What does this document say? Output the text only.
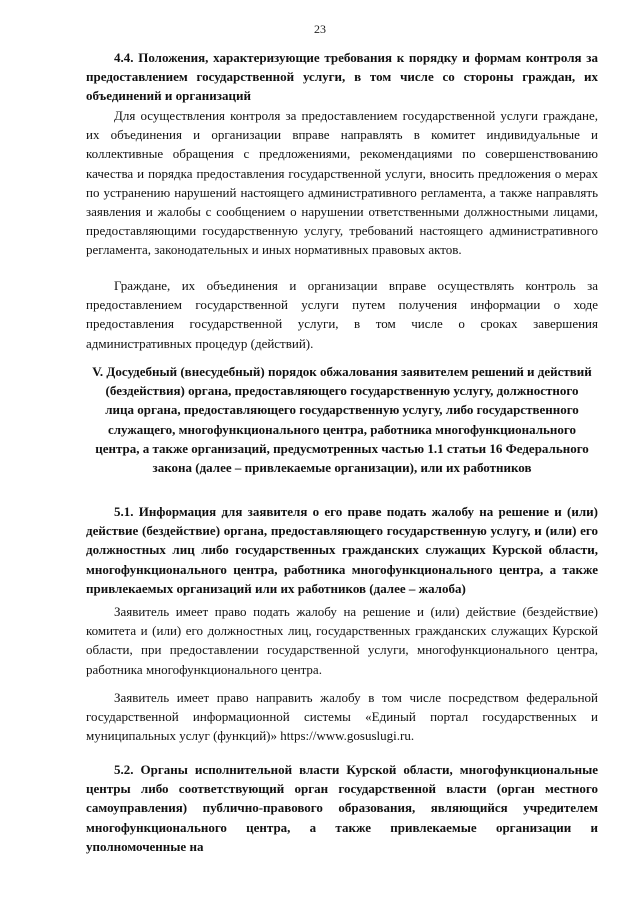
23

4.4. Положения, характеризующие требования к порядку и формам контроля за предоставлением государственной услуги, в том числе со стороны граждан, их объединений и организаций

Для осуществления контроля за предоставлением государственной услуги граждане, их объединения и организации вправе направлять в комитет индивидуальные и коллективные обращения с предложениями, рекомендациями по совершенствованию качества и порядка предоставления государственной услуги, вносить предложения о мерах по устранению нарушений настоящего административного регламента, а также направлять заявления и жалобы с сообщением о нарушении ответственными должностными лицами, предоставляющими государственную услугу, требований настоящего административного регламента, законодательных и иных нормативных правовых актов.

Граждане, их объединения и организации вправе осуществлять контроль за предоставлением государственной услуги путем получения информации о ходе предоставления государственной услуги, в том числе о сроках завершения административных процедур (действий).

V. Досудебный (внесудебный) порядок обжалования заявителем решений и действий (бездействия) органа, предоставляющего государственную услугу, должностного лица органа, предоставляющего государственную услугу, либо государственного служащего, многофункционального центра, работника многофункционального центра, а также организаций, предусмотренных частью 1.1 статьи 16 Федерального закона (далее – привлекаемые организации), или их работников

5.1. Информация для заявителя о его праве подать жалобу на решение и (или) действие (бездействие) органа, предоставляющего государственную услугу, и (или) его должностных лиц либо государственных гражданских служащих Курской области, многофункционального центра, работника многофункционального центра, а также привлекаемых организаций или их работников (далее – жалоба)

Заявитель имеет право подать жалобу на решение и (или) действие (бездействие) комитета и (или) его должностных лиц, государственных гражданских служащих Курской области, при предоставлении государственной услуги, многофункционального центра, работника многофункционального центра.

Заявитель имеет право направить жалобу в том числе посредством федеральной государственной информационной системы «Единый портал государственных и муниципальных услуг (функций)» https://www.gosuslugi.ru.

5.2. Органы исполнительной власти Курской области, многофункциональные центры либо соответствующий орган государственной власти (орган местного самоуправления) публично-правового образования, являющийся учредителем многофункционального центра, а также привлекаемые организации и уполномоченные на
